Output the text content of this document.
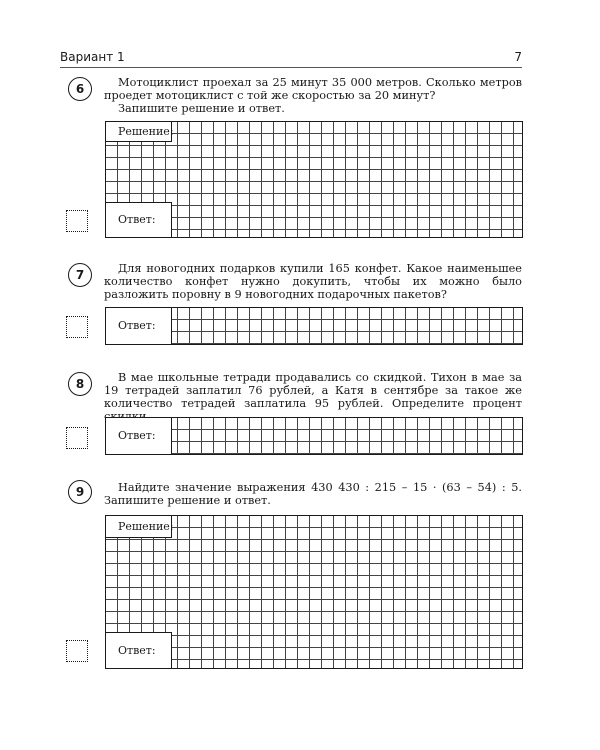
Вариант 1	7
6	Мотоциклист проехал за 25 минут 35 000 метров. Сколько метров проедет мотоциклист с той же скоростью за 20 минут?
Запишите решение и ответ.
Решение:
Ответ:
7	Для новогодних подарков купили 165 конфет. Какое наименьшее количество конфет нужно докупить, чтобы их можно было разложить поровну в 9 новогодних подарочных пакетов?
Ответ:
8	В мае школьные тетради продавались со скидкой. Тихон в мае за 19 тетрадей заплатил 76 рублей, а Катя в сентябре за такое же количество тетрадей заплатила 95 рублей. Определите процент
Ответ:
9	Найдите значение выражения 430 430 : 215 – 15 · (63 – 54) : 5. Запишите решение и ответ.
Решение:
Ответ:
